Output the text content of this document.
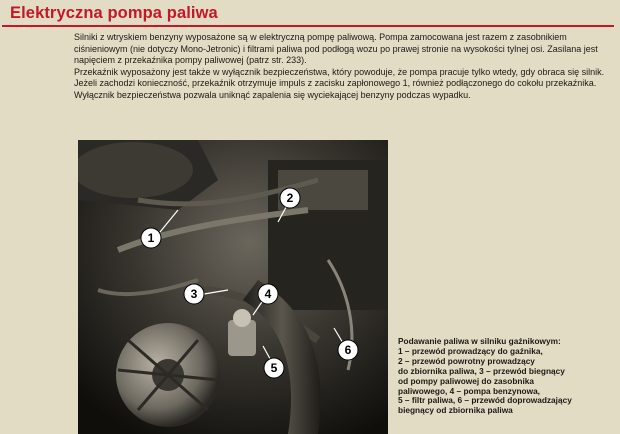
Elektryczna pompa paliwa

Silniki z wtryskiem benzyny wyposażone są w elektryczną pompę paliwową. Pompa zamocowana jest razem z zasobnikiem ciśnieniowym (nie dotyczy Mono-Jetronic) i filtrami paliwa pod podłogą wozu po prawej stronie na wysokości tylnej osi. Zasilana jest napięciem z przekaźnika pompy paliwowej (patrz str. 233).

Przekaźnik wyposażony jest także w wyłącznik bezpieczeństwa, który powoduje, że pompa pracuje tylko wtedy, gdy obraca się silnik. Jeżeli zachodzi konieczność, przekaźnik otrzymuje impuls z zacisku zapłonowego 1, również podłączonego do cokołu przekaźnika. Wyłącznik bezpieczeństwa pozwala uniknąć zapalenia się wyciekającej benzyny podczas wypadku.

1
2
3	4
5
6
Podawanie paliwa w silniku gaźnikowym:
1 – przewód prowadzący do gaźnika,
2 – przewód powrotny prowadzący
do zbiornika paliwa, 3 – przewód biegnący
od pompy paliwowej do zasobnika
paliwowego, 4 – pompa benzynowa,
5 – filtr paliwa, 6 – przewód doprowadzający
biegnący od zbiornika paliwa
